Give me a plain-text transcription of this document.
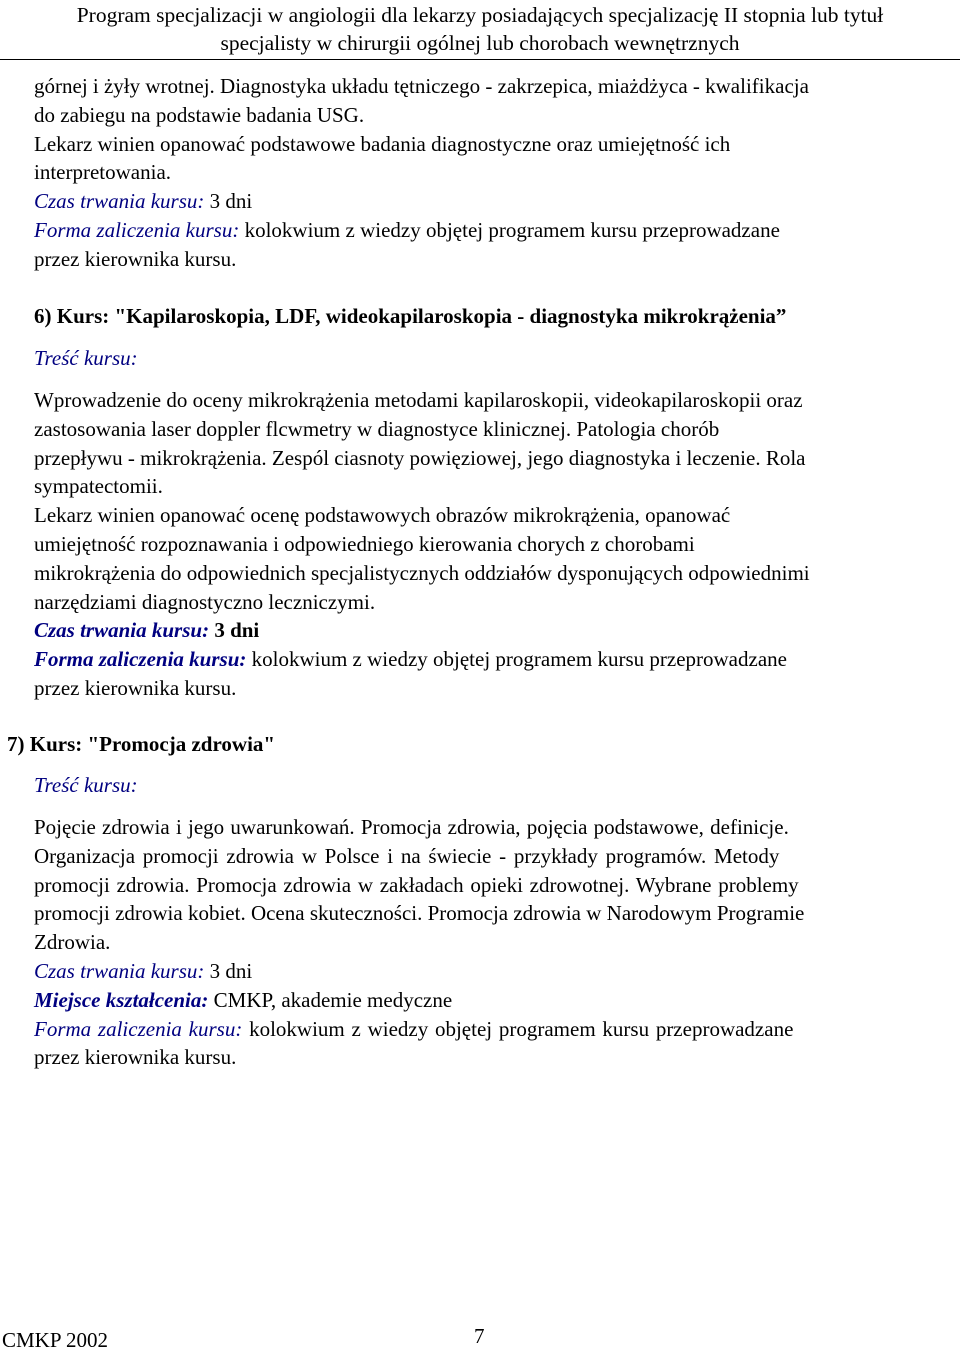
Program specjalizacji w angiologii dla lekarzy posiadających specjalizację II stopnia lub tytuł
specjalisty w chirurgii ogólnej lub chorobach wewnętrznych
górnej i żyły wrotnej. Diagnostyka układu tętniczego - zakrzepica, miażdżyca - kwalifikacja
do zabiegu na podstawie badania USG.
Lekarz winien opanować podstawowe badania diagnostyczne oraz umiejętność ich
interpretowania.
Czas trwania kursu: 3 dni
Forma zaliczenia kursu: kolokwium z wiedzy objętej programem kursu przeprowadzane
przez kierownika kursu.
6) Kurs: "Kapilaroskopia, LDF, wideokapilaroskopia - diagnostyka mikrokrążenia”
Treść kursu:
Wprowadzenie do oceny mikrokrążenia metodami kapilaroskopii, videokapilaroskopii oraz
zastosowania laser doppler flcwmetry w diagnostyce klinicznej. Patologia chorób
przepływu - mikrokrążenia. Zespól ciasnoty powięziowej, jego diagnostyka i leczenie. Rola
sympatectomii.
Lekarz winien opanować ocenę podstawowych obrazów mikrokrążenia, opanować
umiejętność rozpoznawania i odpowiedniego kierowania chorych z chorobami
mikrokrążenia do odpowiednich specjalistycznych oddziałów dysponujących odpowiednimi
narzędziami diagnostyczno leczniczymi.
Czas trwania kursu: 3 dni
Forma zaliczenia kursu: kolokwium z wiedzy objętej programem kursu przeprowadzane
przez kierownika kursu.
7) Kurs: "Promocja zdrowia"
Treść kursu:
Pojęcie zdrowia i jego uwarunkowań. Promocja zdrowia, pojęcia podstawowe, definicje.
Organizacja promocji zdrowia w Polsce i na świecie - przykłady programów. Metody
promocji zdrowia. Promocja zdrowia w zakładach opieki zdrowotnej. Wybrane problemy
promocji zdrowia kobiet. Ocena skuteczności. Promocja zdrowia w Narodowym Programie
Zdrowia.
Czas trwania kursu: 3 dni
Miejsce kształcenia: CMKP, akademie medyczne
Forma zaliczenia kursu: kolokwium z wiedzy objętej programem kursu przeprowadzane
przez kierownika kursu.
CMKP 2002	7
